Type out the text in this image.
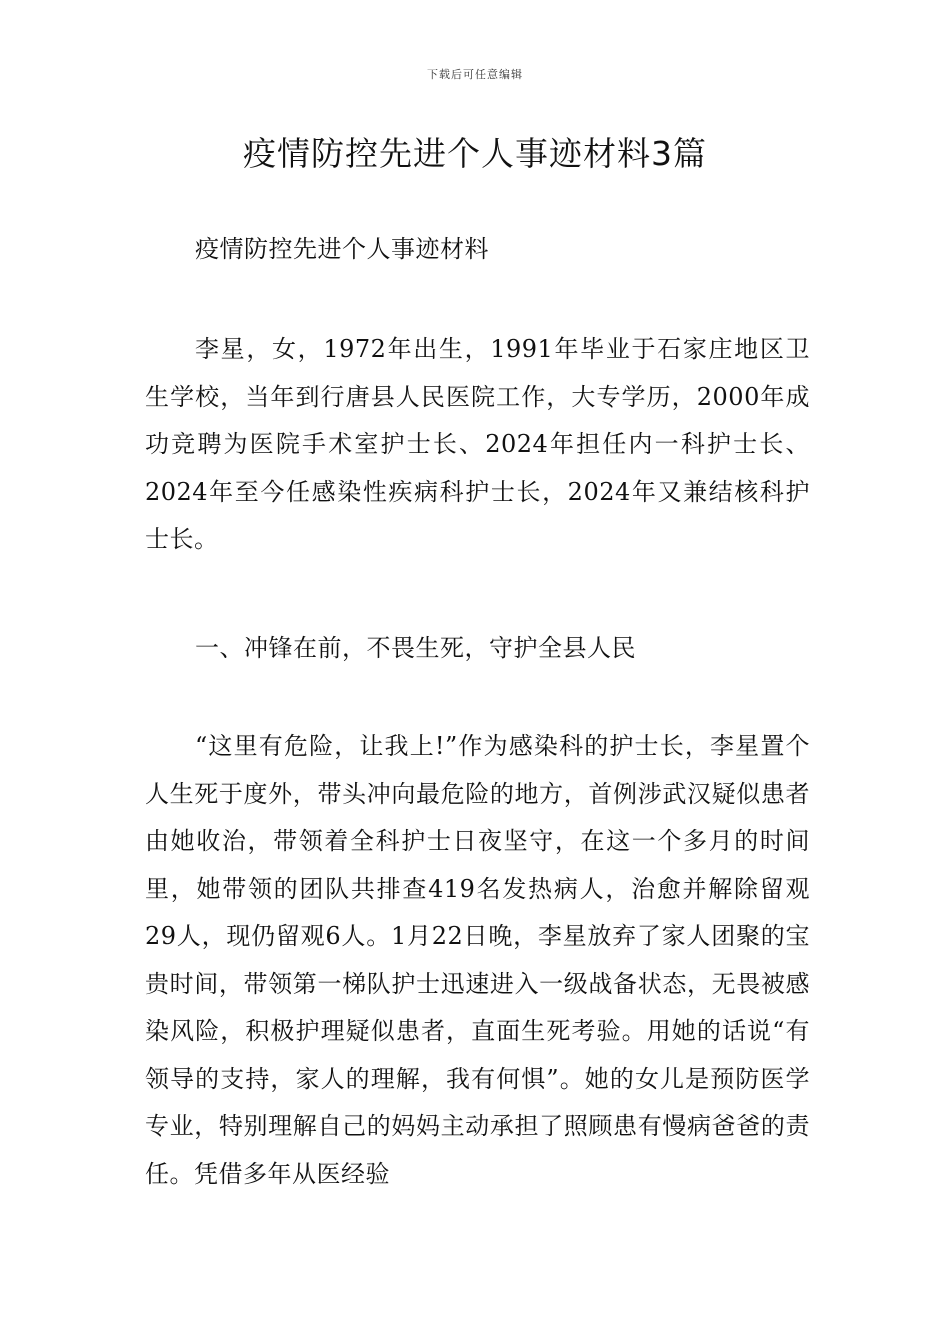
下载后可任意编辑
疫情防控先进个人事迹材料3篇

疫情防控先进个人事迹材料

李星，女，1972年出生，1991年毕业于石家庄地区卫生学校，当年到行唐县人民医院工作，大专学历，2000年成功竞聘为医院手术室护士长、2024年担任内一科护士长、2024年至今任感染性疾病科护士长，2024年又兼结核科护士长。

一、冲锋在前，不畏生死，守护全县人民

“这里有危险，让我上!”作为感染科的护士长，李星置个人生死于度外，带头冲向最危险的地方，首例涉武汉疑似患者由她收治，带领着全科护士日夜坚守，在这一个多月的时间里，她带领的团队共排查419名发热病人，治愈并解除留观29人，现仍留观6人。1月22日晚，李星放弃了家人团聚的宝贵时间，带领第一梯队护士迅速进入一级战备状态，无畏被感染风险，积极护理疑似患者，直面生死考验。用她的话说“有领导的支持，家人的理解，我有何惧”。她的女儿是预防医学专业，特别理解自己的妈妈主动承担了照顾患有慢病爸爸的责任。凭借多年从医经验
